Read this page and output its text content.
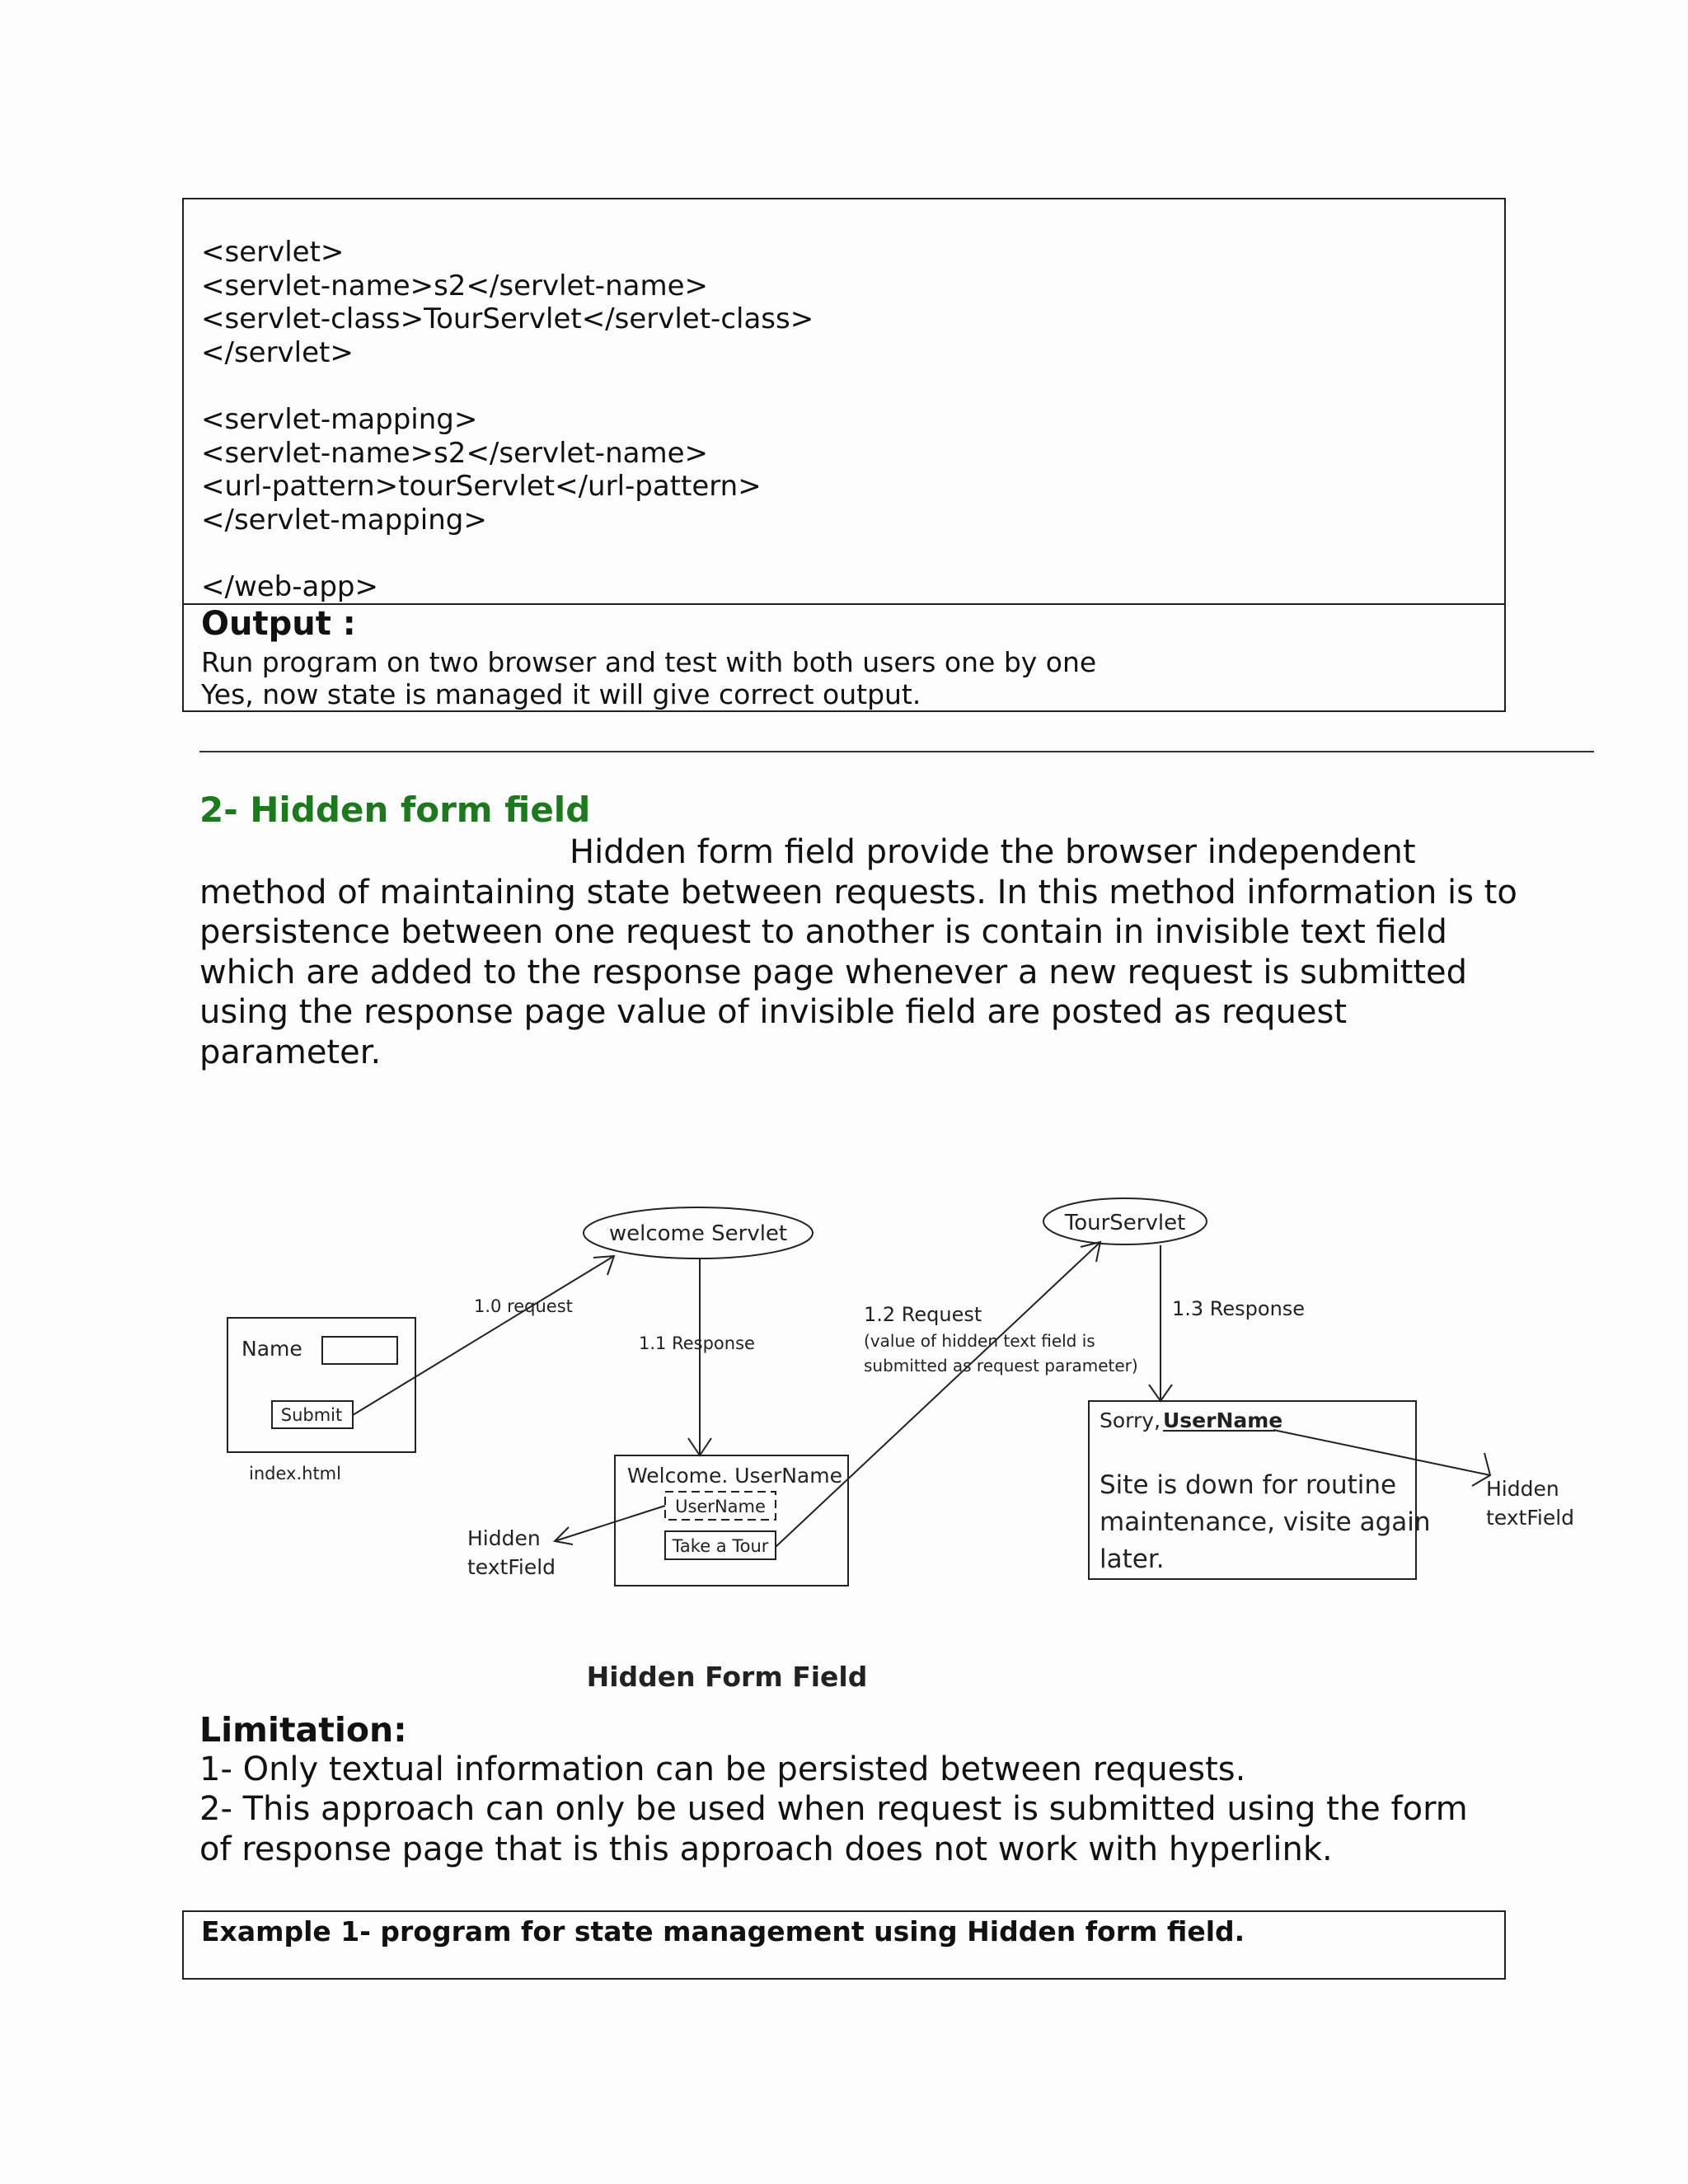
<servlet>
<servlet-name>s2</servlet-name>
<servlet-class>TourServlet</servlet-class>
</servlet>

<servlet-mapping>
<servlet-name>s2</servlet-name>
<url-pattern>tourServlet</url-pattern>
</servlet-mapping>

</web-app>
Output :
Run program on two browser and test with both users one by one
Yes, now state is managed it will give correct output.
2- Hidden form field
Hidden form field provide the browser independent method of maintaining state between requests. In this method information is to persistence between one request to another is contain in invisible text field which are added to the response page whenever a new request is submitted using the response page value of invisible field are posted as request parameter.
welcome Servlet	TourServlet
Name
Submit
index.html
1.0 request
1.1 Response
1.2 Request
(value of hidden text field is
submitted as request parameter)
1.3 Response
Welcome. UserName
UserName
Take a Tour
Hidden
textField
Sorry, UserName
Site is down for routine
maintenance, visite again
later.
Hidden
textField
Hidden Form Field
Limitation:
1- Only textual information can be persisted between requests.
2- This approach can only be used when request is submitted using the form
of response page that is this approach does not work with hyperlink.
Example 1- program for state management using Hidden form field.
